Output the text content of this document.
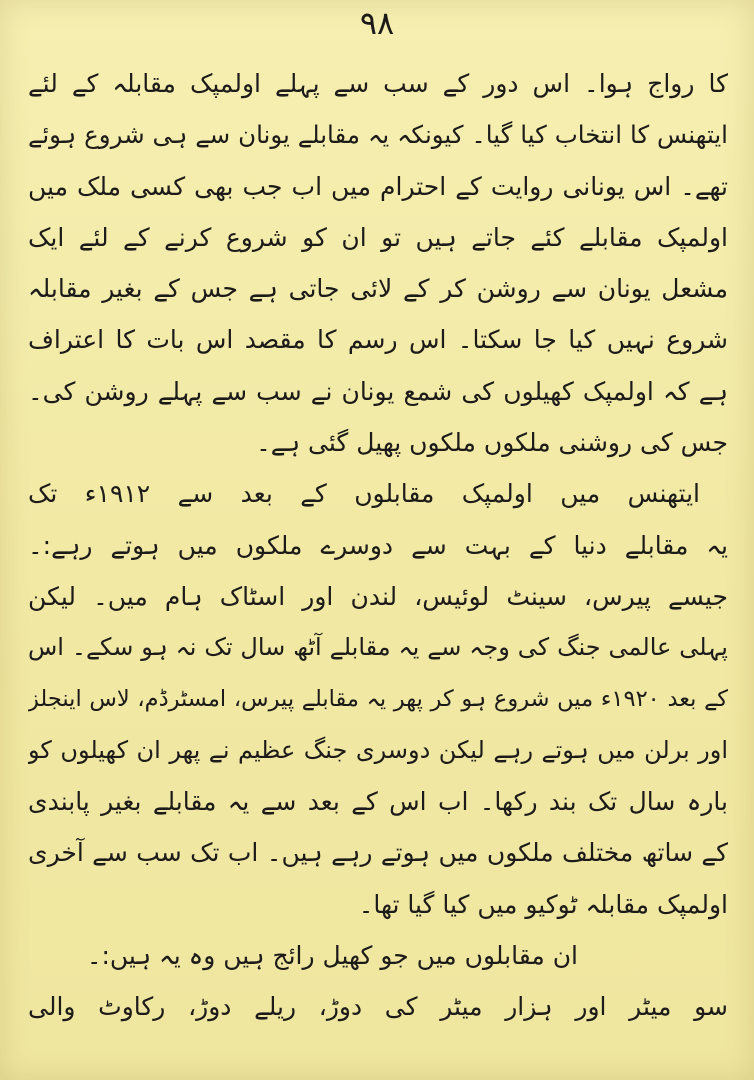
۹۸
کا رواج ہوا۔ اس دور کے سب سے پہلے اولمپک مقابلہ کے لئے
ایتھنس کا انتخاب کیا گیا۔ کیونکہ یہ مقابلے یونان سے ہی شروع ہوئے
تھے۔ اس یونانی روایت کے احترام میں اب جب بھی کسی ملک میں
اولمپک مقابلے کئے جاتے ہیں تو ان کو شروع کرنے کے لئے ایک
مشعل یونان سے روشن کر کے لائی جاتی ہے جس کے بغیر مقابلہ
شروع نہیں کیا جا سکتا۔ اس رسم کا مقصد اس بات کا اعتراف
ہے کہ اولمپک کھیلوں کی شمع یونان نے سب سے پہلے روشن کی۔
جس کی روشنی ملکوں ملکوں پھیل گئی ہے۔
ایتھنس میں اولمپک مقابلوں کے بعد سے ۱۹۱۲ء تک
یہ مقابلے دنیا کے بہت سے دوسرے ملکوں میں ہوتے رہے:۔
جیسے پیرس، سینٹ لوئیس، لندن اور اسٹاک ہام میں۔ لیکن
پہلی عالمی جنگ کی وجہ سے یہ مقابلے آٹھ سال تک نہ ہو سکے۔ اس
کے بعد ۱۹۲۰ء میں شروع ہو کر پھر یہ مقابلے پیرس، امسٹرڈم، لاس اینجلز
اور برلن میں ہوتے رہے لیکن دوسری جنگ عظیم نے پھر ان کھیلوں کو
بارہ سال تک بند رکھا۔ اب اس کے بعد سے یہ مقابلے بغیر پابندی
کے ساتھ مختلف ملکوں میں ہوتے رہے ہیں۔ اب تک سب سے آخری
اولمپک مقابلہ ٹوکیو میں کیا گیا تھا۔
ان مقابلوں میں جو کھیل رائج ہیں وہ یہ ہیں:۔
سو میٹر اور ہزار میٹر کی دوڑ، ریلے دوڑ، رکاوٹ والی
